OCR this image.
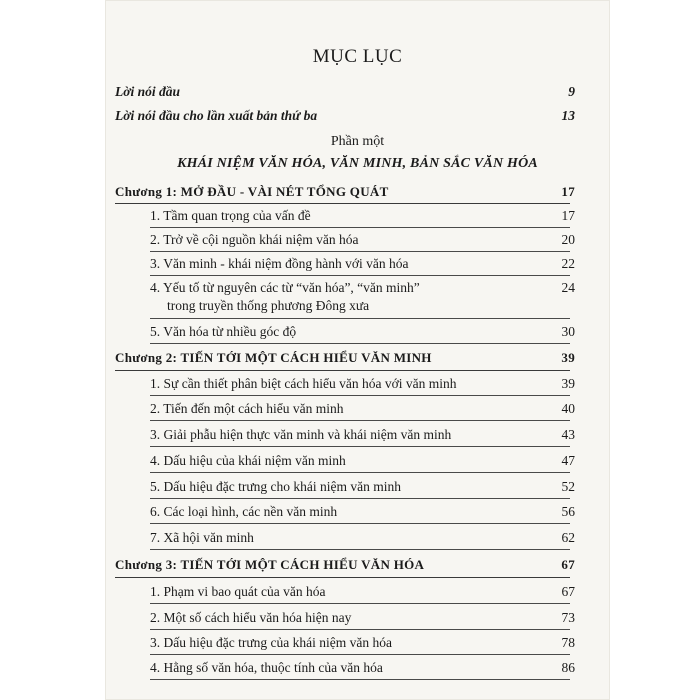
MỤC LỤC
Lời nói đầu	9
Lời nói đầu cho lần xuất bản thứ ba	13
Phần một
KHÁI NIỆM VĂN HÓA, VĂN MINH, BẢN SẮC VĂN HÓA
Chương 1: MỞ ĐẦU - VÀI NÉT TỔNG QUÁT	17
1. Tầm quan trọng của vấn đề	17
2. Trở về cội nguồn khái niệm văn hóa	20
3. Văn minh - khái niệm đồng hành với văn hóa	22
4. Yếu tố từ nguyên các từ “văn hóa”, “văn minh”	24
trong truyền thống phương Đông xưa
5. Văn hóa từ nhiều góc độ	30
Chương 2: TIẾN TỚI MỘT CÁCH HIỂU VĂN MINH	39
1. Sự cần thiết phân biệt cách hiểu văn hóa với văn minh	39
2. Tiến đến một cách hiểu văn minh	40
3. Giải phẫu hiện thực văn minh và khái niệm văn minh	43
4. Dấu hiệu của khái niệm văn minh	47
5. Dấu hiệu đặc trưng cho khái niệm văn minh	52
6. Các loại hình, các nền văn minh	56
7. Xã hội văn minh	62
Chương 3: TIẾN TỚI MỘT CÁCH HIỂU VĂN HÓA	67
1. Phạm vi bao quát của văn hóa	67
2. Một số cách hiểu văn hóa hiện nay	73
3. Dấu hiệu đặc trưng của khái niệm văn hóa	78
4. Hằng số văn hóa, thuộc tính của văn hóa	86
